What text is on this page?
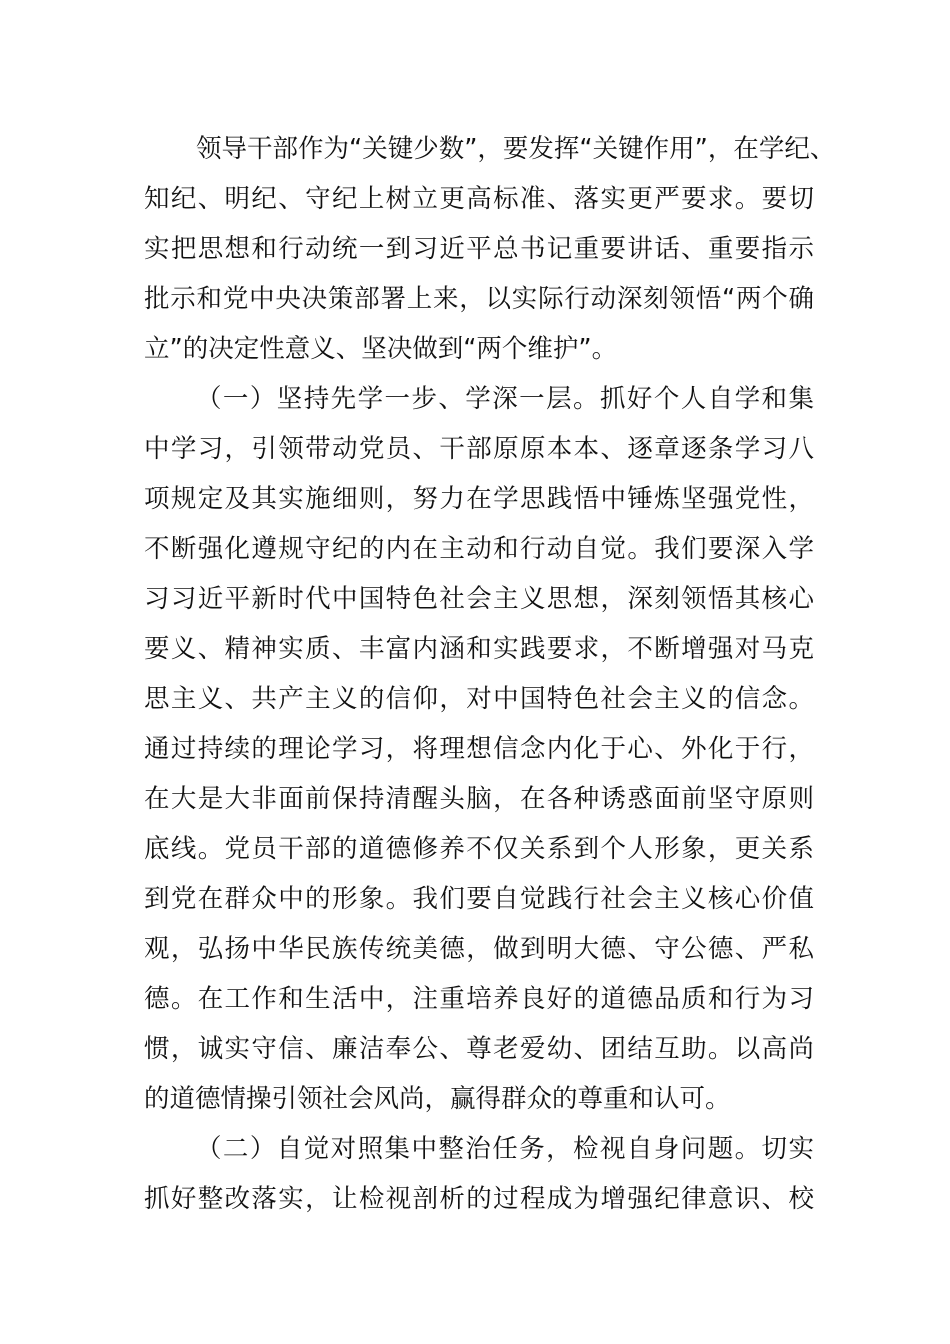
领导干部作为“关键少数”，要发挥“关键作用”，在学纪、
知纪、明纪、守纪上树立更高标准、落实更严要求。要切
实把思想和行动统一到习近平总书记重要讲话、重要指示
批示和党中央决策部署上来，以实际行动深刻领悟“两个确
立”的决定性意义、坚决做到“两个维护”。
（一）坚持先学一步、学深一层。抓好个人自学和集
中学习，引领带动党员、干部原原本本、逐章逐条学习八
项规定及其实施细则，努力在学思践悟中锤炼坚强党性，
不断强化遵规守纪的内在主动和行动自觉。我们要深入学
习习近平新时代中国特色社会主义思想，深刻领悟其核心
要义、精神实质、丰富内涵和实践要求，不断增强对马克
思主义、共产主义的信仰，对中国特色社会主义的信念。
通过持续的理论学习，将理想信念内化于心、外化于行，
在大是大非面前保持清醒头脑，在各种诱惑面前坚守原则
底线。党员干部的道德修养不仅关系到个人形象，更关系
到党在群众中的形象。我们要自觉践行社会主义核心价值
观，弘扬中华民族传统美德，做到明大德、守公德、严私
德。在工作和生活中，注重培养良好的道德品质和行为习
惯，诚实守信、廉洁奉公、尊老爱幼、团结互助。以高尚
的道德情操引领社会风尚，赢得群众的尊重和认可。
（二）自觉对照集中整治任务，检视自身问题。切实
抓好整改落实，让检视剖析的过程成为增强纪律意识、校
